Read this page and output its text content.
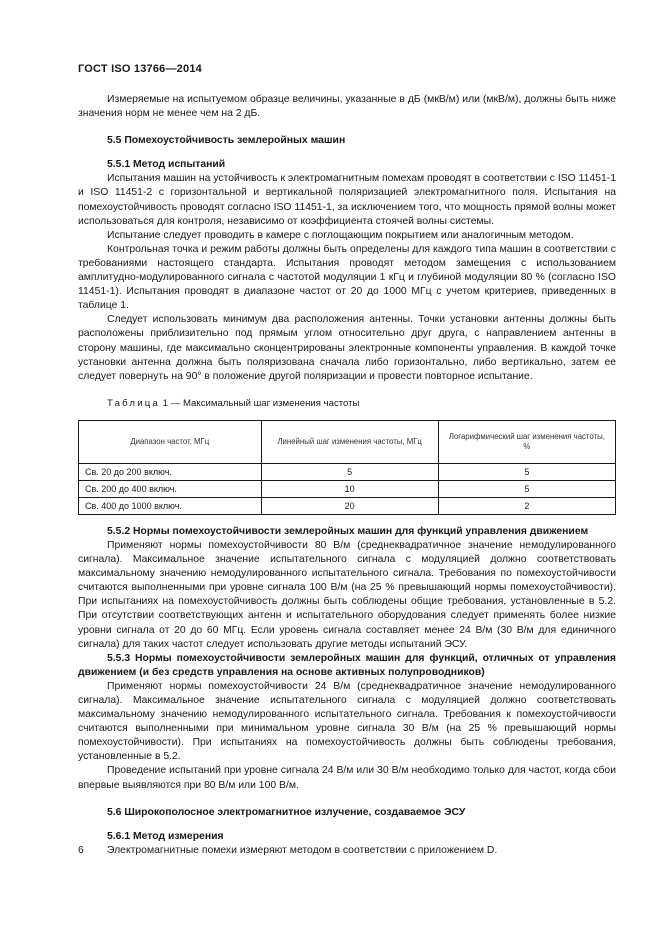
ГОСТ ISO 13766—2014

Измеряемые на испытуемом образце величины, указанные в дБ (мкВ/м) или (мкВ/м), должны быть ниже значения норм не менее чем на 2 дБ.

5.5 Помехоустойчивость землеройных машин

5.5.1 Метод испытаний

Испытания машин на устойчивость к электромагнитным помехам проводят в соответствии с ISO 11451-1 и ISO 11451-2 с горизонтальной и вертикальной поляризацией электромагнитного поля. Испытания на помехоустойчивость проводят согласно ISO 11451-1, за исключением того, что мощность прямой волны может использоваться для контроля, независимо от коэффициента стоячей волны системы.

Испытание следует проводить в камере с поглощающим покрытием или аналогичным методом.

Контрольная точка и режим работы должны быть определены для каждого типа машин в соответствии с требованиями настоящего стандарта. Испытания проводят методом замещения с использованием амплитудно-модулированного сигнала с частотой модуляции 1 кГц и глубиной модуляции 80 % (согласно ISO 11451-1). Испытания проводят в диапазоне частот от 20 до 1000 МГц с учетом критериев, приведенных в таблице 1.

Следует использовать минимум два расположения антенны. Точки установки антенны должны быть расположены приблизительно под прямым углом относительно друг друга, с направлением антенны в сторону машины, где максимально сконцентрированы электронные компоненты управления. В каждой точке установки антенна должна быть поляризована сначала либо горизонтально, либо вертикально, затем ее следует повернуть на 90° в положение другой поляризации и провести повторное испытание.

Таблица 1 — Максимальный шаг изменения частоты

Диапазон частот, МГц	Линейный шаг изменения частоты, МГц	Логарифмический шаг изменения частоты, %
Св. 20 до 200 включ.	5	5
Св. 200 до 400 включ.	10	5
Св. 400 до 1000 включ.	20	2

5.5.2 Нормы помехоустойчивости землеройных машин для функций управления движением

Применяют нормы помехоустойчивости 80 В/м (среднеквадратичное значение немодулированного сигнала). Максимальное значение испытательного сигнала с модуляцией должно соответствовать максимальному значению немодулированного испытательного сигнала. Требования по помехоустойчивости считаются выполненными при уровне сигнала 100 В/м (на 25 % превышающий нормы помехоустойчивости). При испытаниях на помехоустойчивость должны быть соблюдены общие требования, установленные в 5.2. При отсутствии соответствующих антенн и испытательного оборудования следует применять более низкие уровни сигнала от 20 до 60 МГц. Если уровень сигнала составляет менее 24 В/м (30 В/м для единичного сигнала) для таких частот следует использовать другие методы испытаний ЭСУ.

5.5.3 Нормы помехоустойчивости землеройных машин для функций, отличных от управления движением (и без средств управления на основе активных полупроводников)

Применяют нормы помехоустойчивости 24 В/м (среднеквадратичное значение немодулированного сигнала). Максимальное значение испытательного сигнала с модуляцией должно соответствовать максимальному значению немодулированного испытательного сигнала. Требования к помехоустойчивости считаются выполненными при минимальном уровне сигнала 30 В/м (на 25 % превышающий нормы помехоустойчивости). При испытаниях на помехоустойчивость должны быть соблюдены требования, установленные в 5.2.

Проведение испытаний при уровне сигнала 24 В/м или 30 В/м необходимо только для частот, когда сбои впервые выявляются при 80 В/м или 100 В/м.

5.6 Широкополосное электромагнитное излучение, создаваемое ЭСУ

5.6.1 Метод измерения

Электромагнитные помехи измеряют методом в соответствии с приложением D.

6
